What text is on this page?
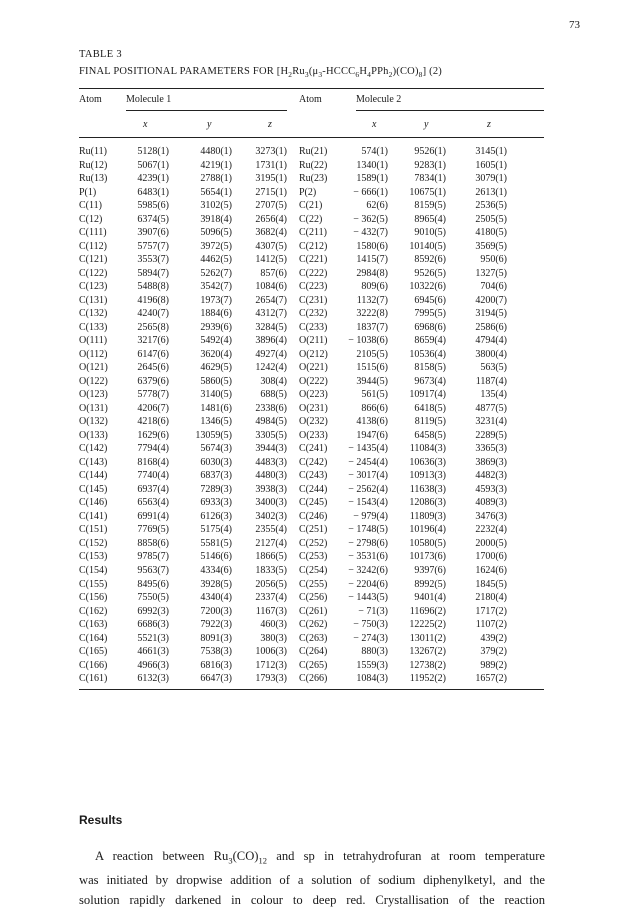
73
TABLE 3
FINAL POSITIONAL PARAMETERS FOR $[H_2Ru_3(\mu_3-HCCC_6H_4PPh_2)(CO)_8]$ (2)
Atom Molecule 1	Atom	Molecule 2
x	y	z	x	y	z
Ru(11)	5128(1)	4480(1)	3273(1) Ru(21)	574(1)	9526(1)	3145(1)
Ru(12)	5067(1)	4219(1)	1731(1) Ru(22)	1340(1)	9283(1)	1605(1)
Ru(13)	4239(1)	2788(1)	3195(1) Ru(23)	1589(1)	7834(1)	3079(1)
P(1)	6483(1)	5654(1)	2715(1) P(2)	− 666(1)	10675(1)	2613(1)
C(11)	5985(6)	3102(5)	2707(5) C(21)	62(6)	8159(5)	2536(5)
C(12)	6374(5)	3918(4)	2656(4) C(22)	− 362(5)	8965(4)	2505(5)
C(111)	3907(6)	5096(5)	3682(4) C(211)	− 432(7)	9010(5)	4180(5)
C(112)	5757(7)	3972(5)	4307(5) C(212)	1580(6)	10140(5)	3569(5)
C(121)	3553(7)	4462(5)	1412(5) C(221)	1415(7)	8592(6)	950(6)
C(122)	5894(7)	5262(7)	857(6) C(222)	2984(8)	9526(5)	1327(5)
C(123)	5488(8)	3542(7)	1084(6) C(223)	809(6)	10322(6)	704(6)
C(131)	4196(8)	1973(7)	2654(7) C(231)	1132(7)	6945(6)	4200(7)
C(132)	4240(7)	1884(6)	4312(7) C(232)	3222(8)	7995(5)	3194(5)
C(133)	2565(8)	2939(6)	3284(5) C(233)	1837(7)	6968(6)	2586(6)
O(111)	3217(6)	5492(4)	3896(4) O(211)	− 1038(6)	8659(4)	4794(4)
O(112)	6147(6)	3620(4)	4927(4) O(212)	2105(5)	10536(4)	3800(4)
O(121)	2645(6)	4629(5)	1242(4) O(221)	1515(6)	8158(5)	563(5)
O(122)	6379(6)	5860(5)	308(4) O(222)	3944(5)	9673(4)	1187(4)
O(123)	5778(7)	3140(5)	688(5) O(223)	561(5)	10917(4)	135(4)
O(131)	4206(7)	1481(6)	2338(6) O(231)	866(6)	6418(5)	4877(5)
O(132)	4218(6)	1346(5)	4984(5) O(232)	4138(6)	8119(5)	3231(4)
O(133)	1629(6)	13059(5)	3305(5) O(233)	1947(6)	6458(5)	2289(5)
C(142)	7794(4)	5674(3)	3944(3) C(241)	− 1435(4)	11084(3)	3365(3)
C(143)	8168(4)	6030(3)	4483(3) C(242)	− 2454(4)	10636(3)	3869(3)
C(144)	7740(4)	6837(3)	4480(3) C(243)	− 3017(4)	10913(3)	4482(3)
C(145)	6937(4)	7289(3)	3938(3) C(244)	− 2562(4)	11638(3)	4593(3)
C(146)	6563(4)	6933(3)	3400(3) C(245)	− 1543(4)	12086(3)	4089(3)
C(141)	6991(4)	6126(3)	3402(3) C(246)	− 979(4)	11809(3)	3476(3)
C(151)	7769(5)	5175(4)	2355(4) C(251)	− 1748(5)	10196(4)	2232(4)
C(152)	8858(6)	5581(5)	2127(4) C(252)	− 2798(6)	10580(5)	2000(5)
C(153)	9785(7)	5146(6)	1866(5) C(253)	− 3531(6)	10173(6)	1700(6)
C(154)	9563(7)	4334(6)	1833(5) C(254)	− 3242(6)	9397(6)	1624(6)
C(155)	8495(6)	3928(5)	2056(5) C(255)	− 2204(6)	8992(5)	1845(5)
C(156)	7550(5)	4340(4)	2337(4) C(256)	− 1443(5)	9401(4)	2180(4)
C(162)	6992(3)	7200(3)	1167(3) C(261)	− 71(3)	11696(2)	1717(2)
C(163)	6686(3)	7922(3)	460(3) C(262)	− 750(3)	12225(2)	1107(2)
C(164)	5521(3)	8091(3)	380(3) C(263)	− 274(3)	13011(2)	439(2)
C(165)	4661(3)	7538(3)	1006(3) C(264)	880(3)	13267(2)	379(2)
C(166)	4966(3)	6816(3)	1712(3) C(265)	1559(3)	12738(2)	989(2)
C(161)	6132(3)	6647(3)	1793(3) C(266)	1084(3)	11952(2)	1657(2)
Results
A reaction between $Ru_3(CO)_{12}$ and sp in tetrahydrofuran at room temperature
was initiated by dropwise addition of a solution of sodium diphenylketyl, and the
solution rapidly darkened in colour to deep red. Crystallisation of the reaction
